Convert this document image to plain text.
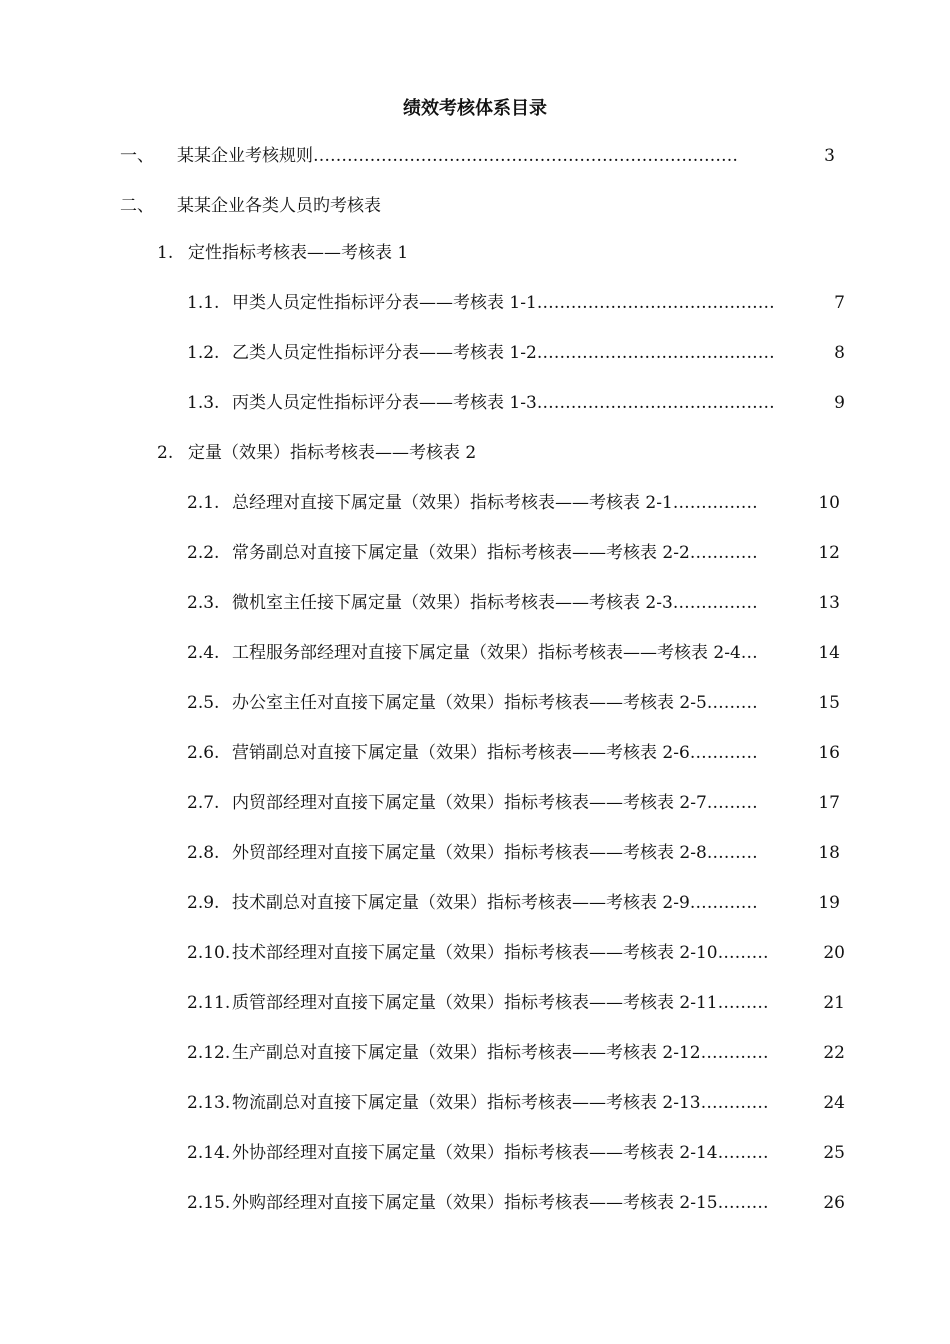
绩效考核体系目录
一、 某某企业考核规则…………………………………………………………………	3
二、 某某企业各类人员旳考核表
1. 定性指标考核表——考核表 1
1.1. 甲类人员定性指标评分表——考核表 1-1……………………………………	7
1.2. 乙类人员定性指标评分表——考核表 1-2……………………………………	8
1.3. 丙类人员定性指标评分表——考核表 1-3……………………………………	9
2. 定量（效果）指标考核表——考核表 2
2.1. 总经理对直接下属定量（效果）指标考核表——考核表 2-1……………	10
2.2. 常务副总对直接下属定量（效果）指标考核表——考核表 2-2…………	12
2.3. 微机室主任接下属定量（效果）指标考核表——考核表 2-3……………	13
2.4. 工程服务部经理对直接下属定量（效果）指标考核表——考核表 2-4…	14
2.5. 办公室主任对直接下属定量（效果）指标考核表——考核表 2-5………	15
2.6. 营销副总对直接下属定量（效果）指标考核表——考核表 2-6…………	16
2.7. 内贸部经理对直接下属定量（效果）指标考核表——考核表 2-7………	17
2.8. 外贸部经理对直接下属定量（效果）指标考核表——考核表 2-8………	18
2.9. 技术副总对直接下属定量（效果）指标考核表——考核表 2-9…………	19
2.10. 技术部经理对直接下属定量（效果）指标考核表——考核表 2-10………	20
2.11. 质管部经理对直接下属定量（效果）指标考核表——考核表 2-11………	21
2.12. 生产副总对直接下属定量（效果）指标考核表——考核表 2-12…………	22
2.13. 物流副总对直接下属定量（效果）指标考核表——考核表 2-13…………	24
2.14. 外协部经理对直接下属定量（效果）指标考核表——考核表 2-14………	25
2.15. 外购部经理对直接下属定量（效果）指标考核表——考核表 2-15………	26
